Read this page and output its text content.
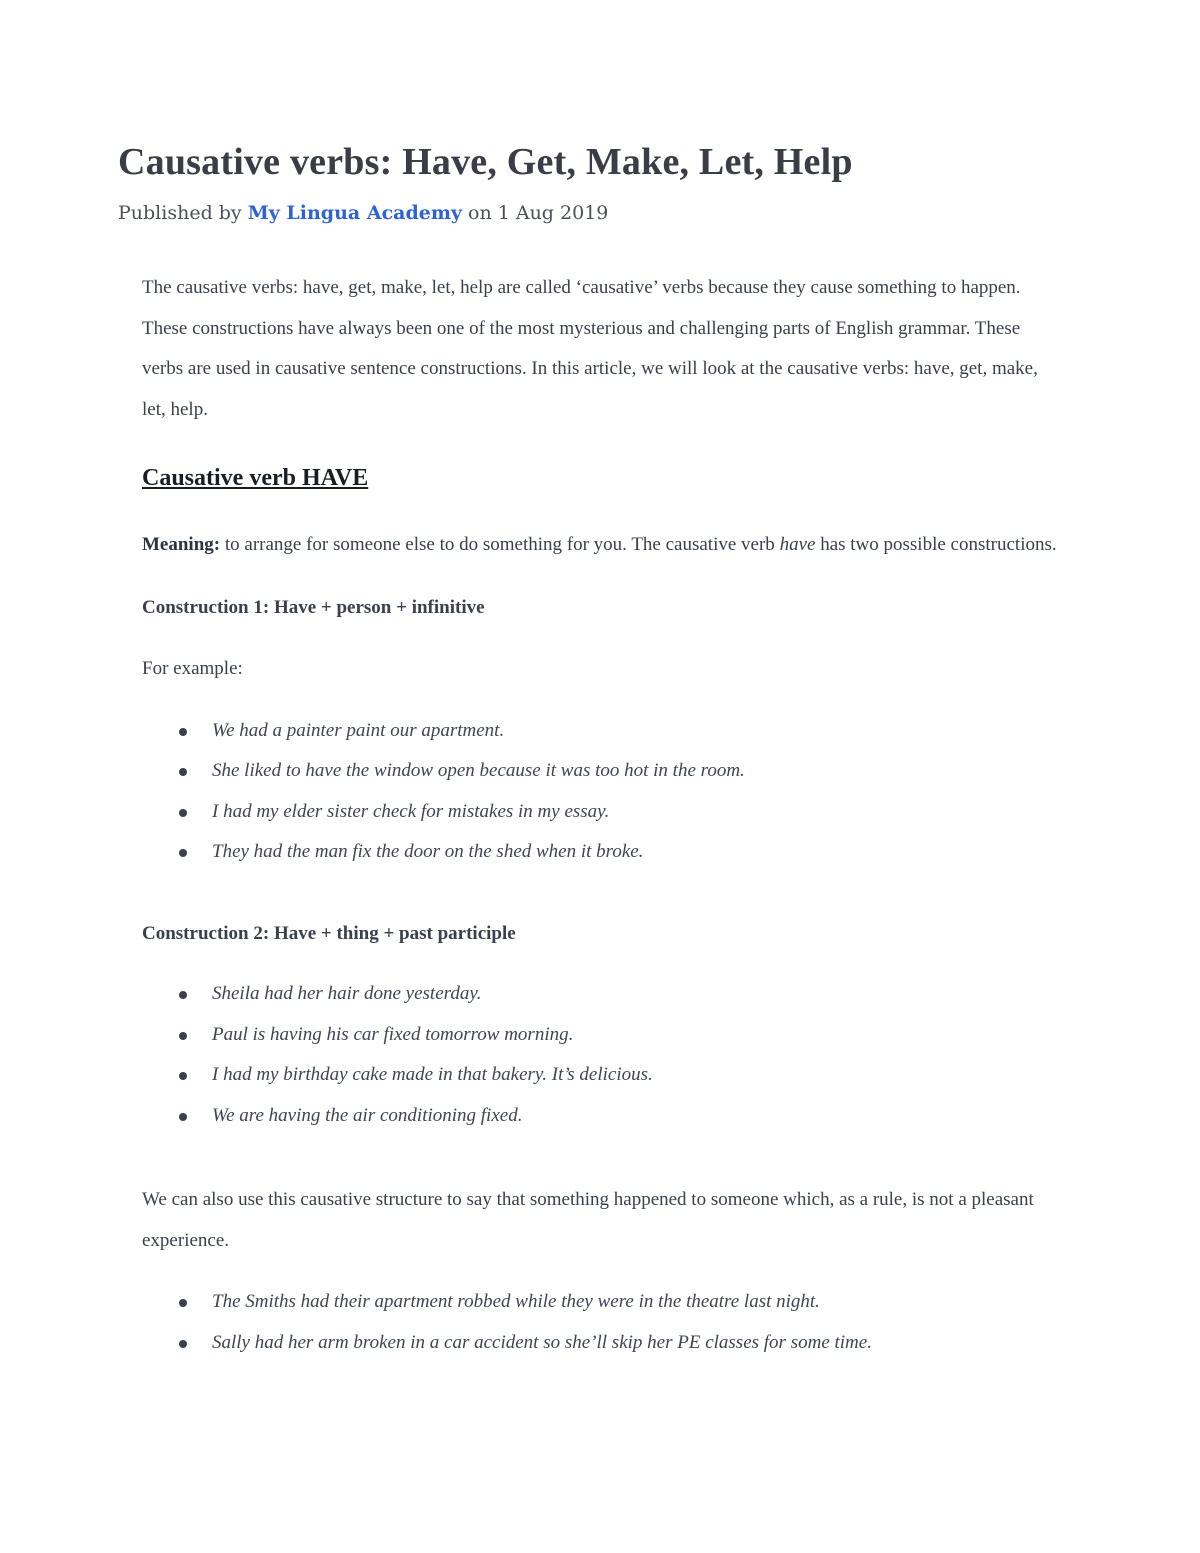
Causative verbs: Have, Get, Make, Let, Help
Published by My Lingua Academy on 1 Aug 2019

The causative verbs: have, get, make, let, help are called ‘causative’ verbs because they cause something to happen. These constructions have always been one of the most mysterious and challenging parts of English grammar. These verbs are used in causative sentence constructions. In this article, we will look at the causative verbs: have, get, make, let, help.

Causative verb HAVE

Meaning: to arrange for someone else to do something for you. The causative verb have has two possible constructions.

Construction 1: Have + person + infinitive

For example:

We had a painter paint our apartment.
She liked to have the window open because it was too hot in the room.
I had my elder sister check for mistakes in my essay.
They had the man fix the door on the shed when it broke.

Construction 2: Have + thing + past participle

Sheila had her hair done yesterday.
Paul is having his car fixed tomorrow morning.
I had my birthday cake made in that bakery. It’s delicious.
We are having the air conditioning fixed.

We can also use this causative structure to say that something happened to someone which, as a rule, is not a pleasant experience.

The Smiths had their apartment robbed while they were in the theatre last night.
Sally had her arm broken in a car accident so she’ll skip her PE classes for some time.
